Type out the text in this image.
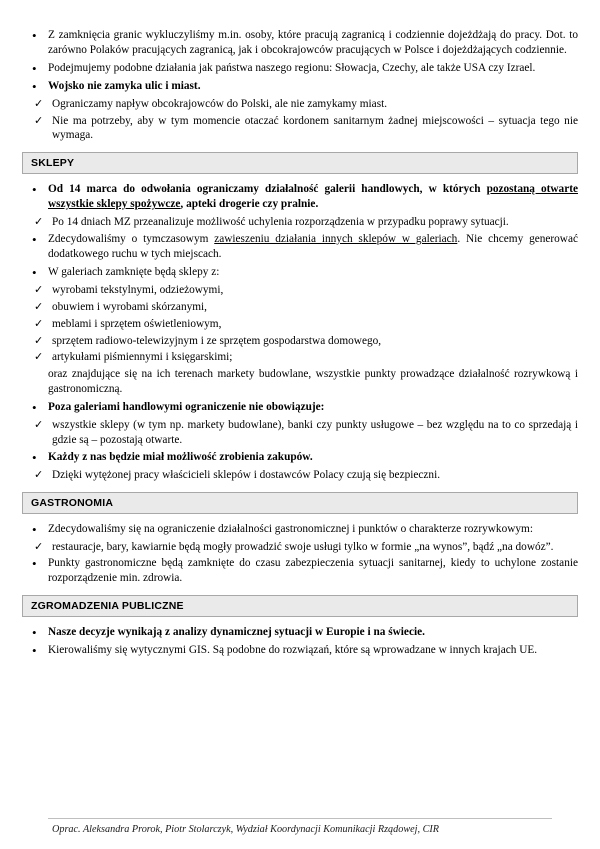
• Z zamknięcia granic wykluczyliśmy m.in. osoby, które pracują zagranicą i codziennie dojeżdżają do pracy. Dot. to zarówno Polaków pracujących zagranicą, jak i obcokrajowców pracujących w Polsce i dojeżdżających codziennie.
• Podejmujemy podobne działania jak państwa naszego regionu: Słowacja, Czechy, ale także USA czy Izrael.
• Wojsko nie zamyka ulic i miast.
✓ Ograniczamy napływ obcokrajowców do Polski, ale nie zamykamy miast.
✓ Nie ma potrzeby, aby w tym momencie otaczać kordonem sanitarnym żadnej miejscowości – sytuacja tego nie wymaga.
SKLEPY
• Od 14 marca do odwołania ograniczamy działalność galerii handlowych, w których pozostaną otwarte wszystkie sklepy spożywcze, apteki drogerie czy pralnie.
✓ Po 14 dniach MZ przeanalizuje możliwość uchylenia rozporządzenia w przypadku poprawy sytuacji.
• Zdecydowaliśmy o tymczasowym zawieszeniu działania innych sklepów w galeriach. Nie chcemy generować dodatkowego ruchu w tych miejscach.
• W galeriach zamknięte będą sklepy z:
✓ wyrobami tekstylnymi, odzieżowymi,
✓ obuwiem i wyrobami skórzanymi,
✓ meblami i sprzętem oświetleniowym,
✓ sprzętem radiowo-telewizyjnym i ze sprzętem gospodarstwa domowego,
✓ artykułami piśmiennymi i księgarskimi;

oraz znajdujące się na ich terenach markety budowlane, wszystkie punkty prowadzące działalność rozrywkową i gastronomiczną.

• Poza galeriami handlowymi ograniczenie nie obowiązuje:
✓ wszystkie sklepy (w tym np. markety budowlane), banki czy punkty usługowe – bez względu na to co sprzedają i gdzie są – pozostają otwarte.
• Każdy z nas będzie miał możliwość zrobienia zakupów.
✓ Dzięki wytężonej pracy właścicieli sklepów i dostawców Polacy czują się bezpieczni.
GASTRONOMIA
• Zdecydowaliśmy się na ograniczenie działalności gastronomicznej i punktów o charakterze rozrywkowym:
✓ restauracje, bary, kawiarnie będą mogły prowadzić swoje usługi tylko w formie „na wynos”, bądź „na dowóz”.
• Punkty gastronomiczne będą zamknięte do czasu zabezpieczenia sytuacji sanitarnej, kiedy to uchylone zostanie rozporządzenie min. zdrowia.
ZGROMADZENIA PUBLICZNE
• Nasze decyzje wynikają z analizy dynamicznej sytuacji w Europie i na świecie.
• Kierowaliśmy się wytycznymi GIS. Są podobne do rozwiązań, które są wprowadzane w innych krajach UE.
Oprac. Aleksandra Prorok, Piotr Stolarczyk, Wydział Koordynacji Komunikacji Rządowej, CIR
